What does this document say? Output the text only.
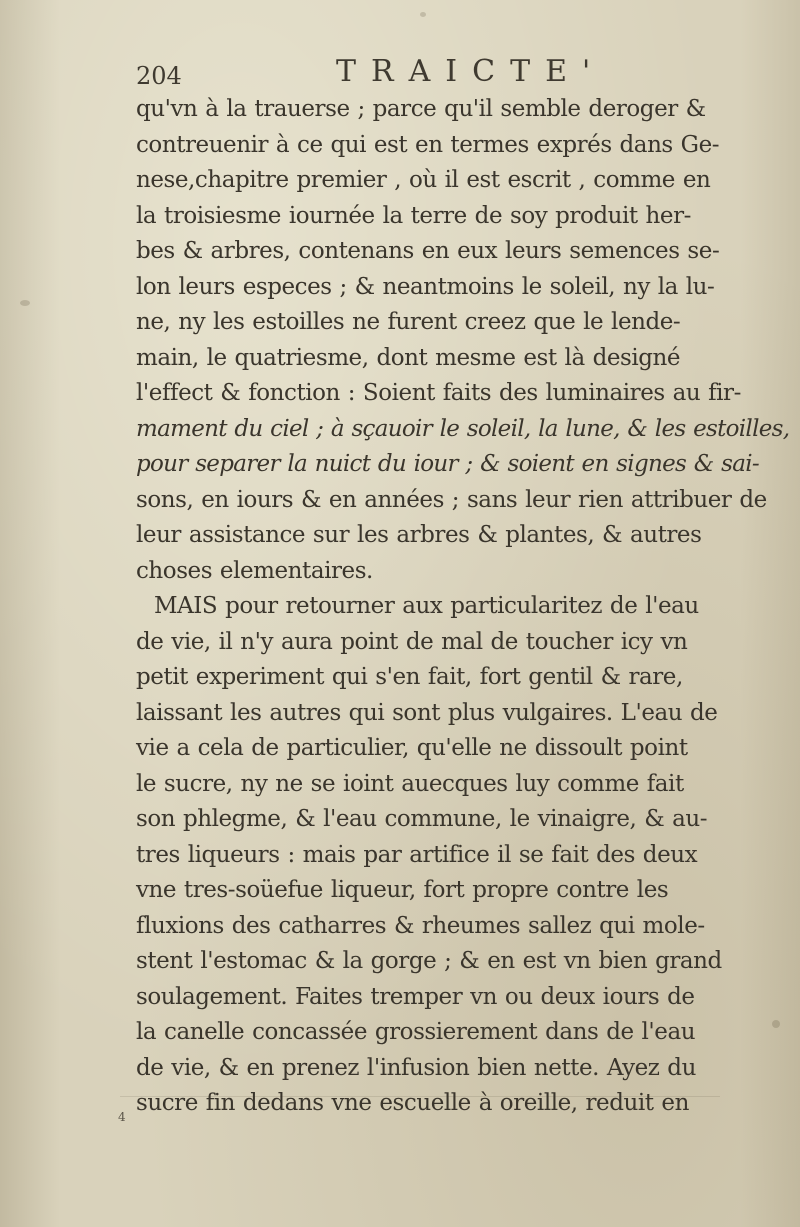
204	TRAICTE'
qu'vn à la trauerse ; parce qu'il semble deroger &
contreuenir à ce qui est en termes exprés dans Ge-
nese,chapitre premier , où il est escrit , comme en
la troisiesme iournée la terre de soy produit her-
bes & arbres, contenans en eux leurs semences se-
lon leurs especes ; & neantmoins le soleil, ny la lu-
ne, ny les estoilles ne furent creez que le lende-
main, le quatriesme, dont mesme est là designé
l'effect & fonction : Soient faits des luminaires au fir-
mament du ciel ; à sçauoir le soleil, la lune, & les estoilles,
pour separer la nuict du iour ; & soient en signes & sai-
sons, en iours & en années ; sans leur rien attribuer de
leur assistance sur les arbres & plantes, & autres
choses elementaires.
MAIS pour retourner aux particularitez de l'eau
de vie, il n'y aura point de mal de toucher icy vn
petit experiment qui s'en fait, fort gentil & rare,
laissant les autres qui sont plus vulgaires. L'eau de
vie a cela de particulier, qu'elle ne dissoult point
le sucre, ny ne se ioint auecques luy comme fait
son phlegme, & l'eau commune, le vinaigre, & au-
tres liqueurs : mais par artifice il se fait des deux
vne tres-soüefue liqueur, fort propre contre les
fluxions des catharres & rheumes sallez qui mole-
stent l'estomac & la gorge ; & en est vn bien grand
soulagement. Faites tremper vn ou deux iours de
la canelle concassée grossierement dans de l'eau
de vie, & en prenez l'infusion bien nette. Ayez du
sucre fin dedans vne escuelle à oreille, reduit en
4
